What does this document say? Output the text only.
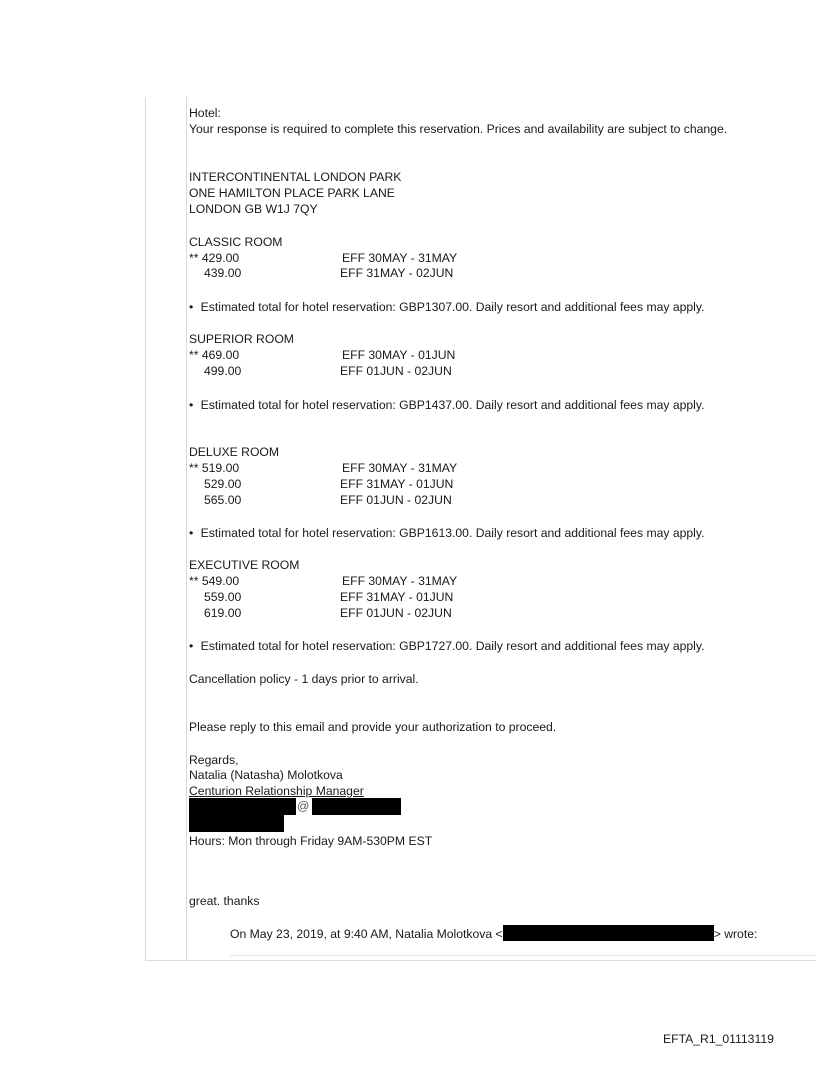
Hotel:
Your response is required to complete this reservation. Prices and availability are subject to change.
INTERCONTINENTAL LONDON PARK
ONE HAMILTON PLACE PARK LANE
LONDON GB W1J 7QY
CLASSIC ROOM
** 429.00	EFF 30MAY - 31MAY
439.00	EFF 31MAY - 02JUN
• Estimated total for hotel reservation: GBP1307.00. Daily resort and additional fees may apply.
SUPERIOR ROOM
** 469.00	EFF 30MAY - 01JUN
499.00	EFF 01JUN - 02JUN
• Estimated total for hotel reservation: GBP1437.00. Daily resort and additional fees may apply.
DELUXE ROOM
** 519.00	EFF 30MAY - 31MAY
529.00	EFF 31MAY - 01JUN
565.00	EFF 01JUN - 02JUN
• Estimated total for hotel reservation: GBP1613.00. Daily resort and additional fees may apply.
EXECUTIVE ROOM
** 549.00	EFF 30MAY - 31MAY
559.00	EFF 31MAY - 01JUN
619.00	EFF 01JUN - 02JUN
• Estimated total for hotel reservation: GBP1727.00. Daily resort and additional fees may apply.
Cancellation policy - 1 days prior to arrival.
Please reply to this email and provide your authorization to proceed.
Regards,
Natalia (Natasha) Molotkova
Centurion Relationship Manager
@
Hours: Mon through Friday 9AM-530PM EST
great. thanks
On May 23, 2019, at 9:40 AM, Natalia Molotkova <	> wrote:
EFTA_R1_01113119
